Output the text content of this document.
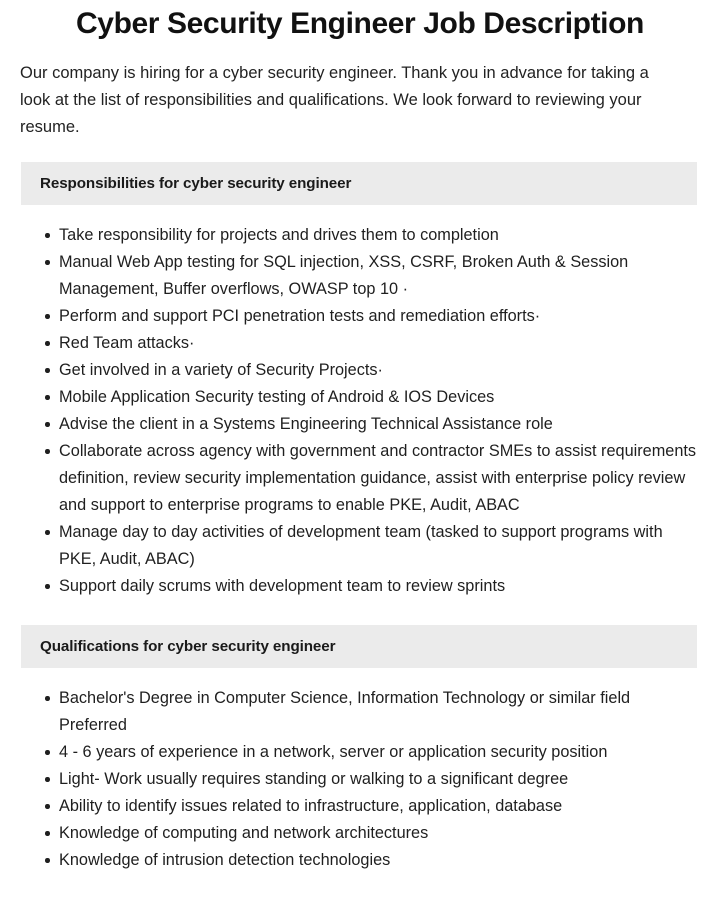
Cyber Security Engineer Job Description

Our company is hiring for a cyber security engineer. Thank you in advance for taking a look at the list of responsibilities and qualifications. We look forward to reviewing your resume.

Responsibilities for cyber security engineer
Take responsibility for projects and drives them to completion
Manual Web App testing for SQL injection, XSS, CSRF, Broken Auth & Session Management, Buffer overflows, OWASP top 10 ·
Perform and support PCI penetration tests and remediation efforts·
Red Team attacks·
Get involved in a variety of Security Projects·
Mobile Application Security testing of Android & IOS Devices
Advise the client in a Systems Engineering Technical Assistance role
Collaborate across agency with government and contractor SMEs to assist requirements definition, review security implementation guidance, assist with enterprise policy review and support to enterprise programs to enable PKE, Audit, ABAC
Manage day to day activities of development team (tasked to support programs with PKE, Audit, ABAC)
Support daily scrums with development team to review sprints
Qualifications for cyber security engineer
Bachelor's Degree in Computer Science, Information Technology or similar field Preferred
4 - 6 years of experience in a network, server or application security position
Light- Work usually requires standing or walking to a significant degree
Ability to identify issues related to infrastructure, application, database
Knowledge of computing and network architectures
Knowledge of intrusion detection technologies
